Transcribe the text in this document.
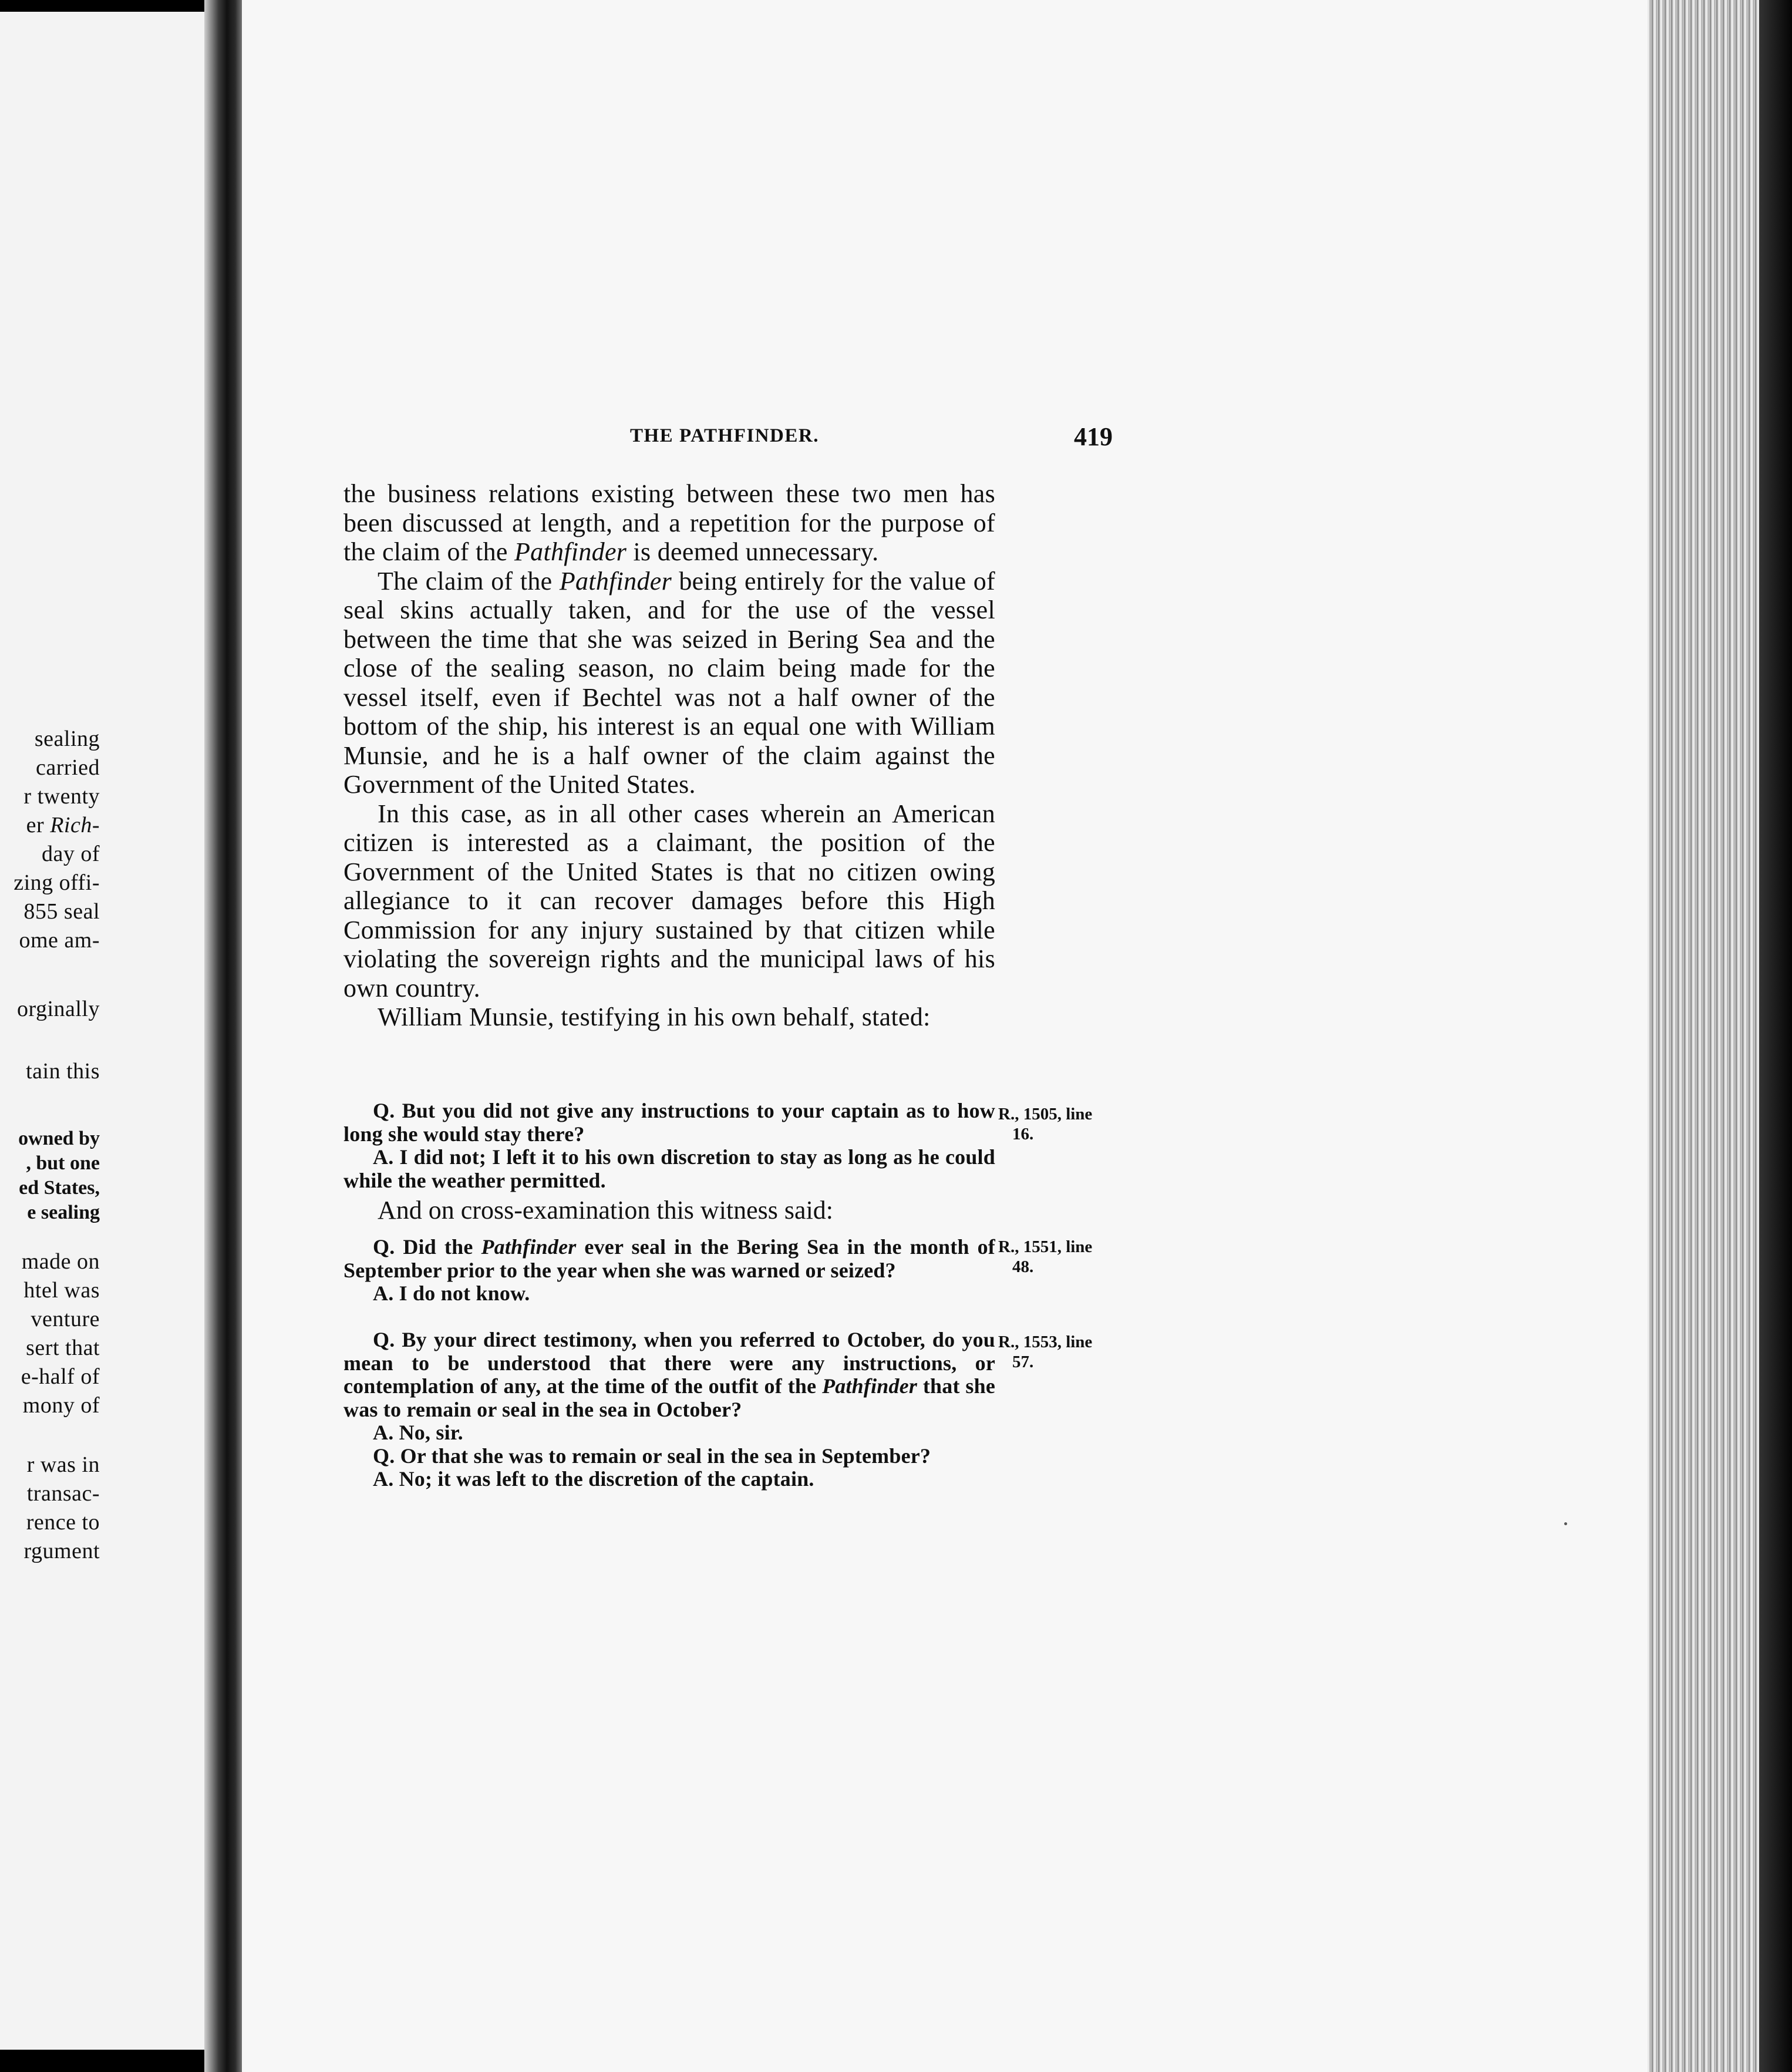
sealing
carried
r twenty
er Rich-
day of
zing offi-
855 seal
ome am-
orginally
tain this
owned by
, but one
ed States,
e sealing
made on
htel was
venture
sert that
e-half of
mony of
r was in
transac-
rence to
rgument
THE PATHFINDER.	419

the business relations existing between these two men has been discussed at length, and a repetition for the purpose of the claim of the Pathfinder is deemed unnecessary.

The claim of the Pathfinder being entirely for the value of seal skins actually taken, and for the use of the vessel between the time that she was seized in Bering Sea and the close of the sealing season, no claim being made for the vessel itself, even if Bechtel was not a half owner of the bottom of the ship, his interest is an equal one with William Munsie, and he is a half owner of the claim against the Government of the United States.

In this case, as in all other cases wherein an American citizen is interested as a claimant, the position of the Government of the United States is that no citizen owing allegiance to it can recover damages before this High Commission for any injury sustained by that citizen while violating the sovereign rights and the municipal laws of his own country.

William Munsie, testifying in his own behalf, stated:

Q. But you did not give any instructions to your captain as to how long she would stay there?

A. I did not; I left it to his own discretion to stay as long as he could while the weather permitted.

R., 1505, line
16.

And on cross-examination this witness said:

Q. Did the Pathfinder ever seal in the Bering Sea in the month of September prior to the year when she was warned or seized?

A. I do not know.

R., 1551, line
48.

Q. By your direct testimony, when you referred to October, do you mean to be understood that there were any instructions, or contemplation of any, at the time of the outfit of the Pathfinder that she was to remain or seal in the sea in October?

A. No, sir.

Q. Or that she was to remain or seal in the sea in September?

A. No; it was left to the discretion of the captain.

R., 1553, line
57.
